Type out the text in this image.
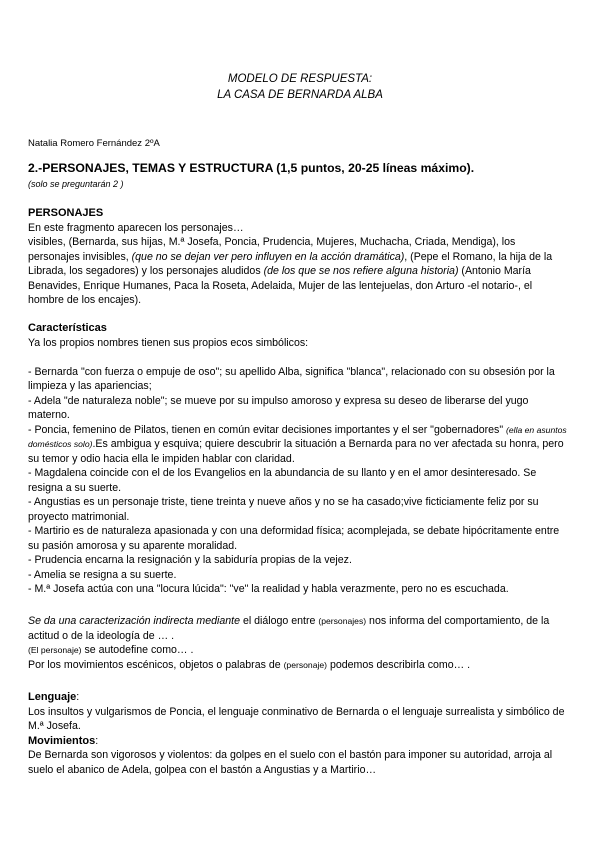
MODELO DE RESPUESTA:
LA CASA DE BERNARDA ALBA
Natalia Romero Fernández 2ºA
2.-PERSONAJES, TEMAS Y ESTRUCTURA (1,5 puntos, 20-25 líneas máximo).
(solo se preguntarán 2 )

PERSONAJES

En este fragmento aparecen los personajes…

visibles, (Bernarda, sus hijas, M.ª Josefa, Poncia, Prudencia, Mujeres, Muchacha, Criada, Mendiga), los personajes invisibles, (que no se dejan ver pero influyen en la acción dramática), (Pepe el Romano, la hija de la Librada, los segadores) y los personajes aludidos (de los que se nos refiere alguna historia) (Antonio María Benavides, Enrique Humanes, Paca la Roseta, Adelaida, Mujer de las lentejuelas, don Arturo -el notario-, el hombre de los encajes).

Características

Ya los propios nombres tienen sus propios ecos simbólicos:

- Bernarda "con fuerza o empuje de oso"; su apellido Alba, significa "blanca", relacionado con su obsesión por la limpieza y las apariencias;

- Adela "de naturaleza noble"; se mueve por su impulso amoroso y expresa su deseo de liberarse del yugo materno.

- Poncia, femenino de Pilatos, tienen en común evitar decisiones importantes y el ser "gobernadores" (ella en asuntos domésticos solo).Es ambigua y esquiva; quiere descubrir la situación a Bernarda para no ver afectada su honra, pero su temor y odio hacia ella le impiden hablar con claridad.

- Magdalena coincide con el de los Evangelios en la abundancia de su llanto y en el amor desinteresado. Se resigna a su suerte.

- Angustias es un personaje triste, tiene treinta y nueve años y no se ha casado;vive ficticiamente feliz por su proyecto matrimonial.

- Martirio es de naturaleza apasionada y con una deformidad física; acomplejada, se debate hipócritamente entre su pasión amorosa y su aparente moralidad.

- Prudencia encarna la resignación y la sabiduría propias de la vejez.

- Amelia se resigna a su suerte.

- M.ª Josefa actúa con una "locura lúcida": "ve" la realidad y habla verazmente, pero no es escuchada.

Se da una caracterización indirecta mediante el diálogo entre (personajes) nos informa del comportamiento, de la actitud o de la ideología de … .

(El personaje) se autodefine como… .

Por los movimientos escénicos, objetos o palabras de (personaje) podemos describirla como… .

Lenguaje:

Los insultos y vulgarismos de Poncia, el lenguaje conminativo de Bernarda o el lenguaje surrealista y simbólico de M.ª Josefa.

Movimientos:

De Bernarda son vigorosos y violentos: da golpes en el suelo con el bastón para imponer su autoridad, arroja al suelo el abanico de Adela, golpea con el bastón a Angustias y a Martirio…
